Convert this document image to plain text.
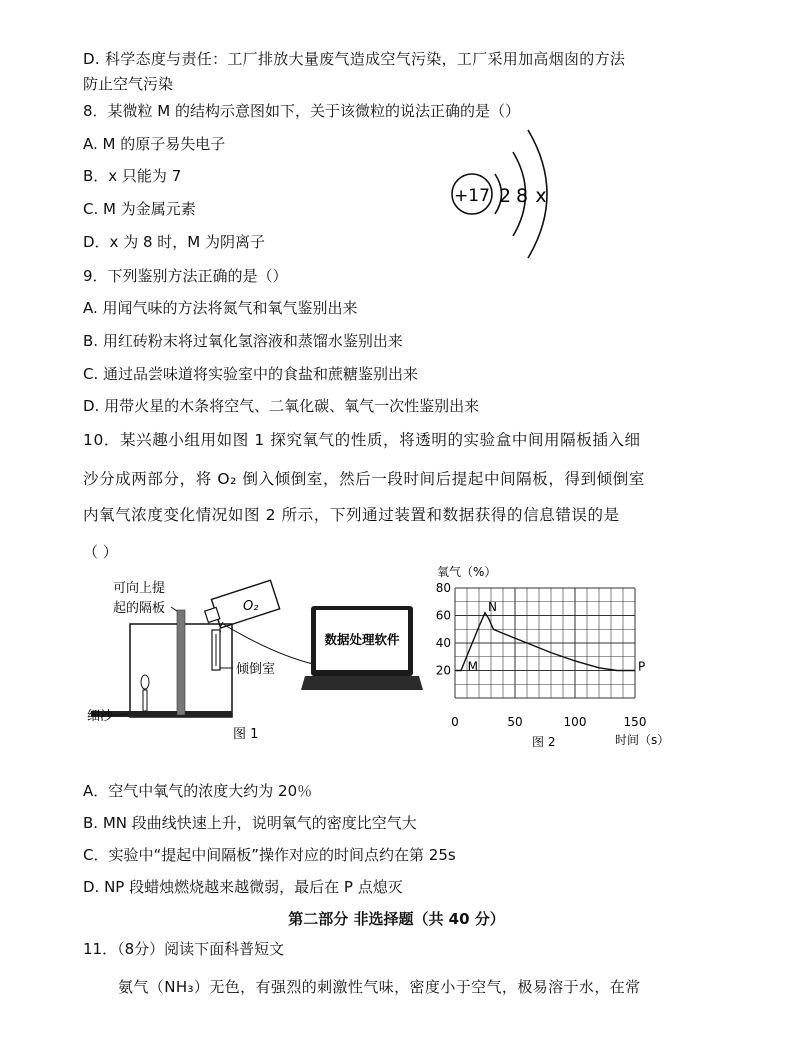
D. 科学态度与责任：工厂排放大量废气造成空气污染，工厂采用加高烟囱的方法
防止空气污染
8．某微粒 M 的结构示意图如下，关于该微粒的说法正确的是（）
A. M 的原子易失电子
B．x 只能为 7
C. M 为金属元素
D．x 为 8 时，M 为阴离子
+17 2 8 x
9．下列鉴别方法正确的是（）
A. 用闻气味的方法将氮气和氧气鉴别出来
B. 用红砖粉末将过氧化氢溶液和蒸馏水鉴别出来
C. 通过品尝味道将实验室中的食盐和蔗糖鉴别出来
D. 用带火星的木条将空气、二氧化碳、氧气一次性鉴别出来
10．某兴趣小组用如图 1 探究氧气的性质，将透明的实验盒中间用隔板插入细
沙分成两部分，将 O₂ 倒入倾倒室，然后一段时间后提起中间隔板，得到倾倒室
内氧气浓度变化情况如图 2 所示，下列通过装置和数据获得的信息错误的是
（ ）
可向上提
起的隔板	O₂
倾倒室
细沙
数据处理软件
图 1
氧气（%）
时间（s）
图 2
0	50	100	150
20
40
60
80
M
N
P
A．空气中氧气的浓度大约为 20％
B. MN 段曲线快速上升，说明氧气的密度比空气大
C．实验中“提起中间隔板”操作对应的时间点约在第 25s
D. NP 段蜡烛燃烧越来越微弱，最后在 P 点熄灭
第二部分 非选择题（共 40 分）
11．（8分）阅读下面科普短文
氨气（NH₃）无色，有强烈的刺激性气味，密度小于空气，极易溶于水，在常
